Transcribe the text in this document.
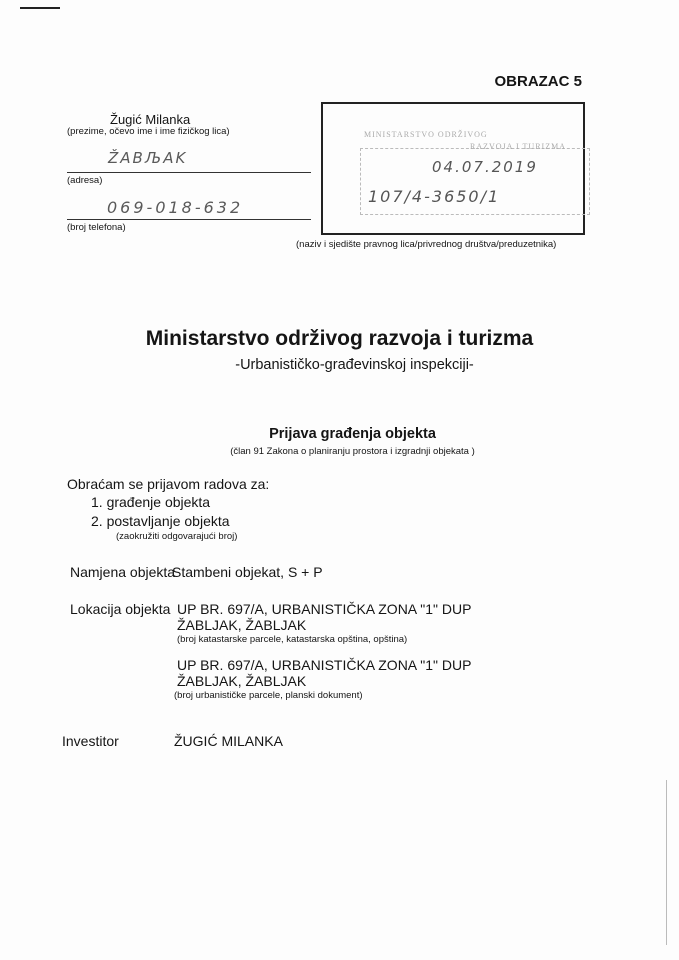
OBRAZAC 5
Žugić Milanka
(prezime, očevo ime i ime fizičkog lica)
ŽABЉAK
(adresa)
069-018-632
(broj telefona)
MINISTARSTVO ODRŽIVOG
RAZVOJA I TURIZMA
04.07.2019
107/4-3650/1
(naziv i sjedište pravnog lica/privrednog društva/preduzetnika)
Ministarstvo održivog razvoja i turizma
-Urbanističko-građevinskoj inspekciji-
Prijava građenja objekta
(član 91 Zakona o planiranju prostora i izgradnji objekata )
Obraćam se prijavom radova za:
1. građenje objekta
2. postavljanje objekta
(zaokružiti odgovarajući broj)
Namjena objekta
Stambeni objekat, S + P
Lokacija objekta UP BR. 697/A, URBANISTIČKA ZONA "1" DUP ŽABLJAK, ŽABLJAK
(broj katastarske parcele, katastarska opština, opština)
UP BR. 697/A, URBANISTIČKA ZONA "1" DUP ŽABLJAK, ŽABLJAK
(broj urbanističke parcele, planski dokument)
Investitor	ŽUGIĆ MILANKA
